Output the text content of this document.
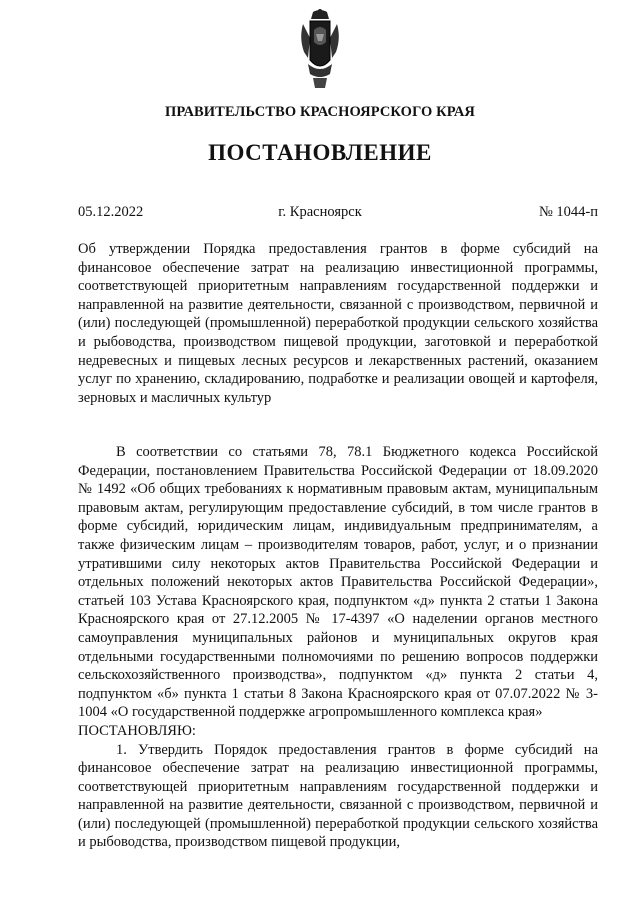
ПРАВИТЕЛЬСТВО КРАСНОЯРСКОГО КРАЯ
ПОСТАНОВЛЕНИЕ
05.12.2022	г. Красноярск	№ 1044-п
Об утверждении Порядка предоставления грантов в форме субсидий на финансовое обеспечение затрат на реализацию инвестиционной программы, соответствующей приоритетным направлениям государственной поддержки и направленной на развитие деятельности, связанной с производством, первичной и (или) последующей (промышленной) переработкой продукции сельского хозяйства и рыбоводства, производством пищевой продукции, заготовкой и переработкой недревесных и пищевых лесных ресурсов и лекарственных растений, оказанием услуг по хранению, складированию, подработке и реализации овощей и картофеля, зерновых и масличных культур

В соответствии со статьями 78, 78.1 Бюджетного кодекса Российской Федерации, постановлением Правительства Российской Федерации от 18.09.2020 № 1492 «Об общих требованиях к нормативным правовым актам, муниципальным правовым актам, регулирующим предоставление субсидий, в том числе грантов в форме субсидий, юридическим лицам, индивидуальным предпринимателям, а также физическим лицам – производителям товаров, работ, услуг, и о признании утратившими силу некоторых актов Правительства Российской Федерации и отдельных положений некоторых актов Правительства Российской Федерации», статьей 103 Устава Красноярского края, подпунктом «д» пункта 2 статьи 1 Закона Красноярского края от 27.12.2005 № 17-4397 «О наделении органов местного самоуправления муниципальных районов и муниципальных округов края отдельными государственными полномочиями по решению вопросов поддержки сельскохозяйственного производства», подпунктом «д» пункта 2 статьи 4, подпунктом «б» пункта 1 статьи 8 Закона Красноярского края от 07.07.2022 № 3-1004 «О государственной поддержке агропромышленного комплекса края»

ПОСТАНОВЛЯЮ:

1. Утвердить Порядок предоставления грантов в форме субсидий на финансовое обеспечение затрат на реализацию инвестиционной программы, соответствующей приоритетным направлениям государственной поддержки и направленной на развитие деятельности, связанной с производством, первичной и (или) последующей (промышленной) переработкой продукции сельского хозяйства и рыбоводства, производством пищевой продукции,
